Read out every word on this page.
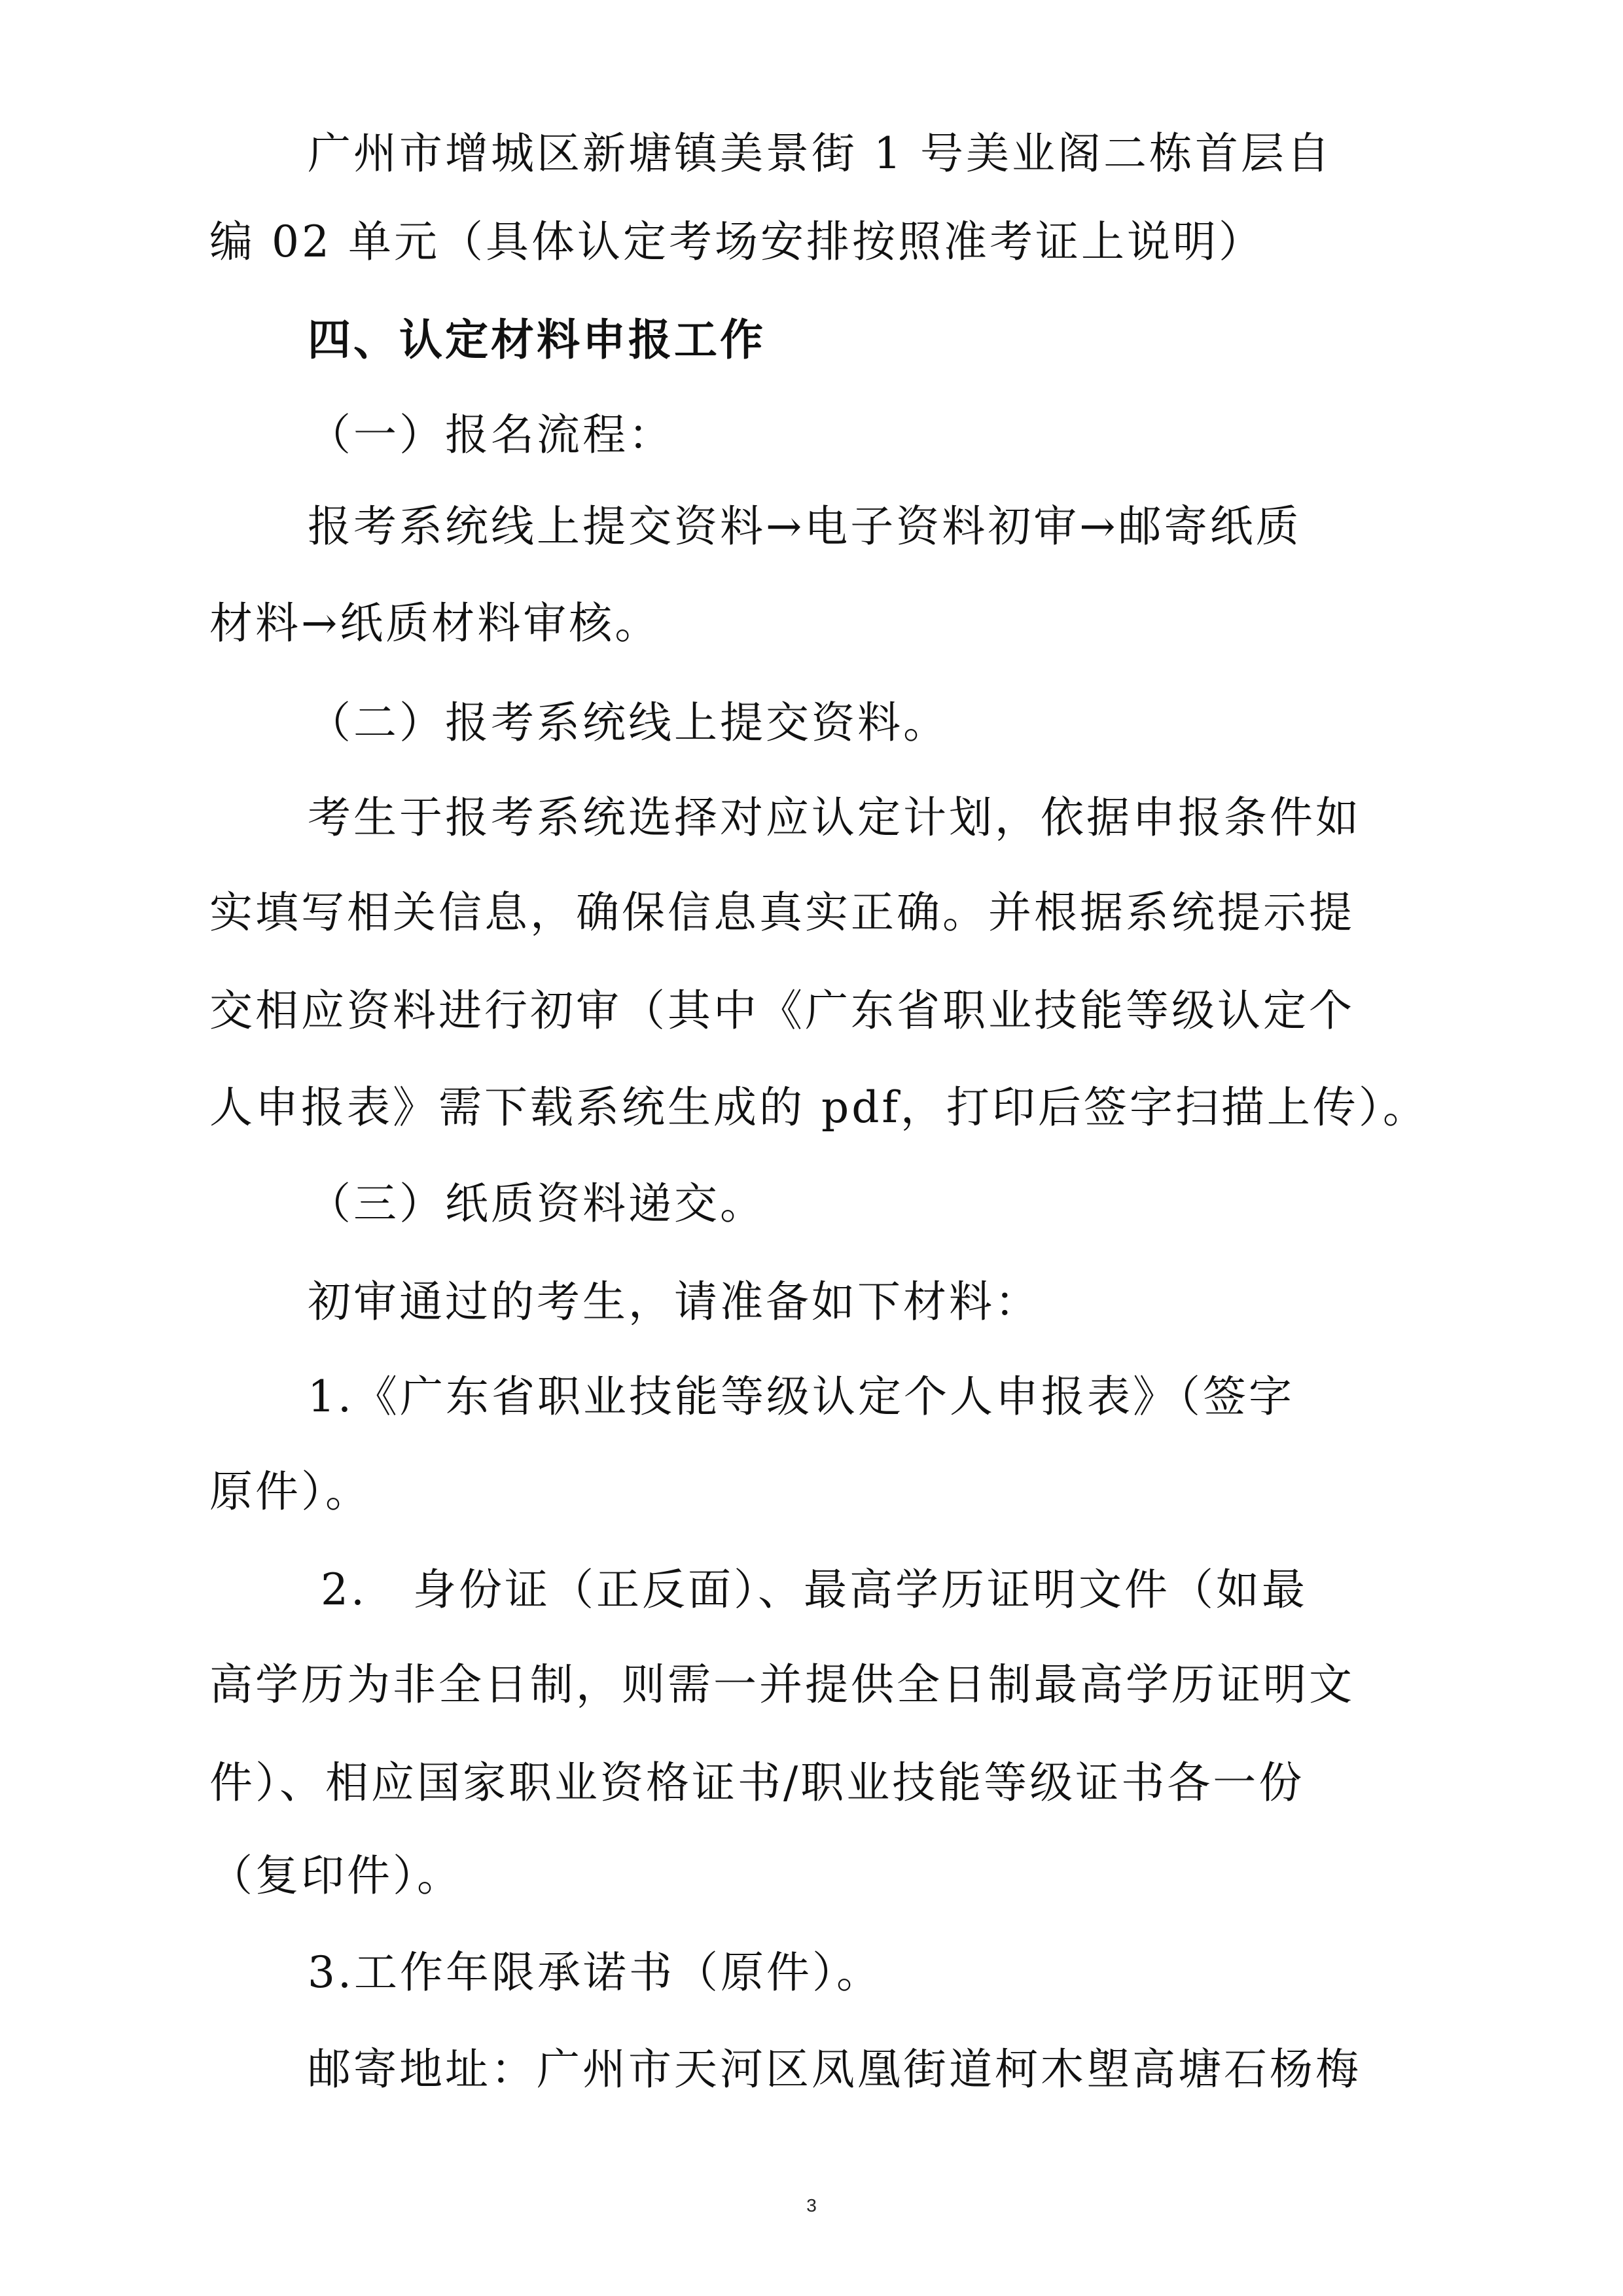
广州市增城区新塘镇美景街 1 号美业阁二栋首层自
编 02 单元（具体认定考场安排按照准考证上说明）
四、认定材料申报工作
（一）报名流程：
报考系统线上提交资料→电子资料初审→邮寄纸质
材料→纸质材料审核。
（二）报考系统线上提交资料。
考生于报考系统选择对应认定计划，依据申报条件如
实填写相关信息，确保信息真实正确。并根据系统提示提
交相应资料进行初审（其中《广东省职业技能等级认定个
人申报表》需下载系统生成的 pdf，打印后签字扫描上传）。
（三）纸质资料递交。
初审通过的考生，请准备如下材料：
1.《广东省职业技能等级认定个人申报表》（签字
原件）。
2.　身份证（正反面）、最高学历证明文件（如最
高学历为非全日制，则需一并提供全日制最高学历证明文
件）、相应国家职业资格证书/职业技能等级证书各一份
（复印件）。
3.工作年限承诺书（原件）。
邮寄地址：广州市天河区凤凰街道柯木塱高塘石杨梅
3
